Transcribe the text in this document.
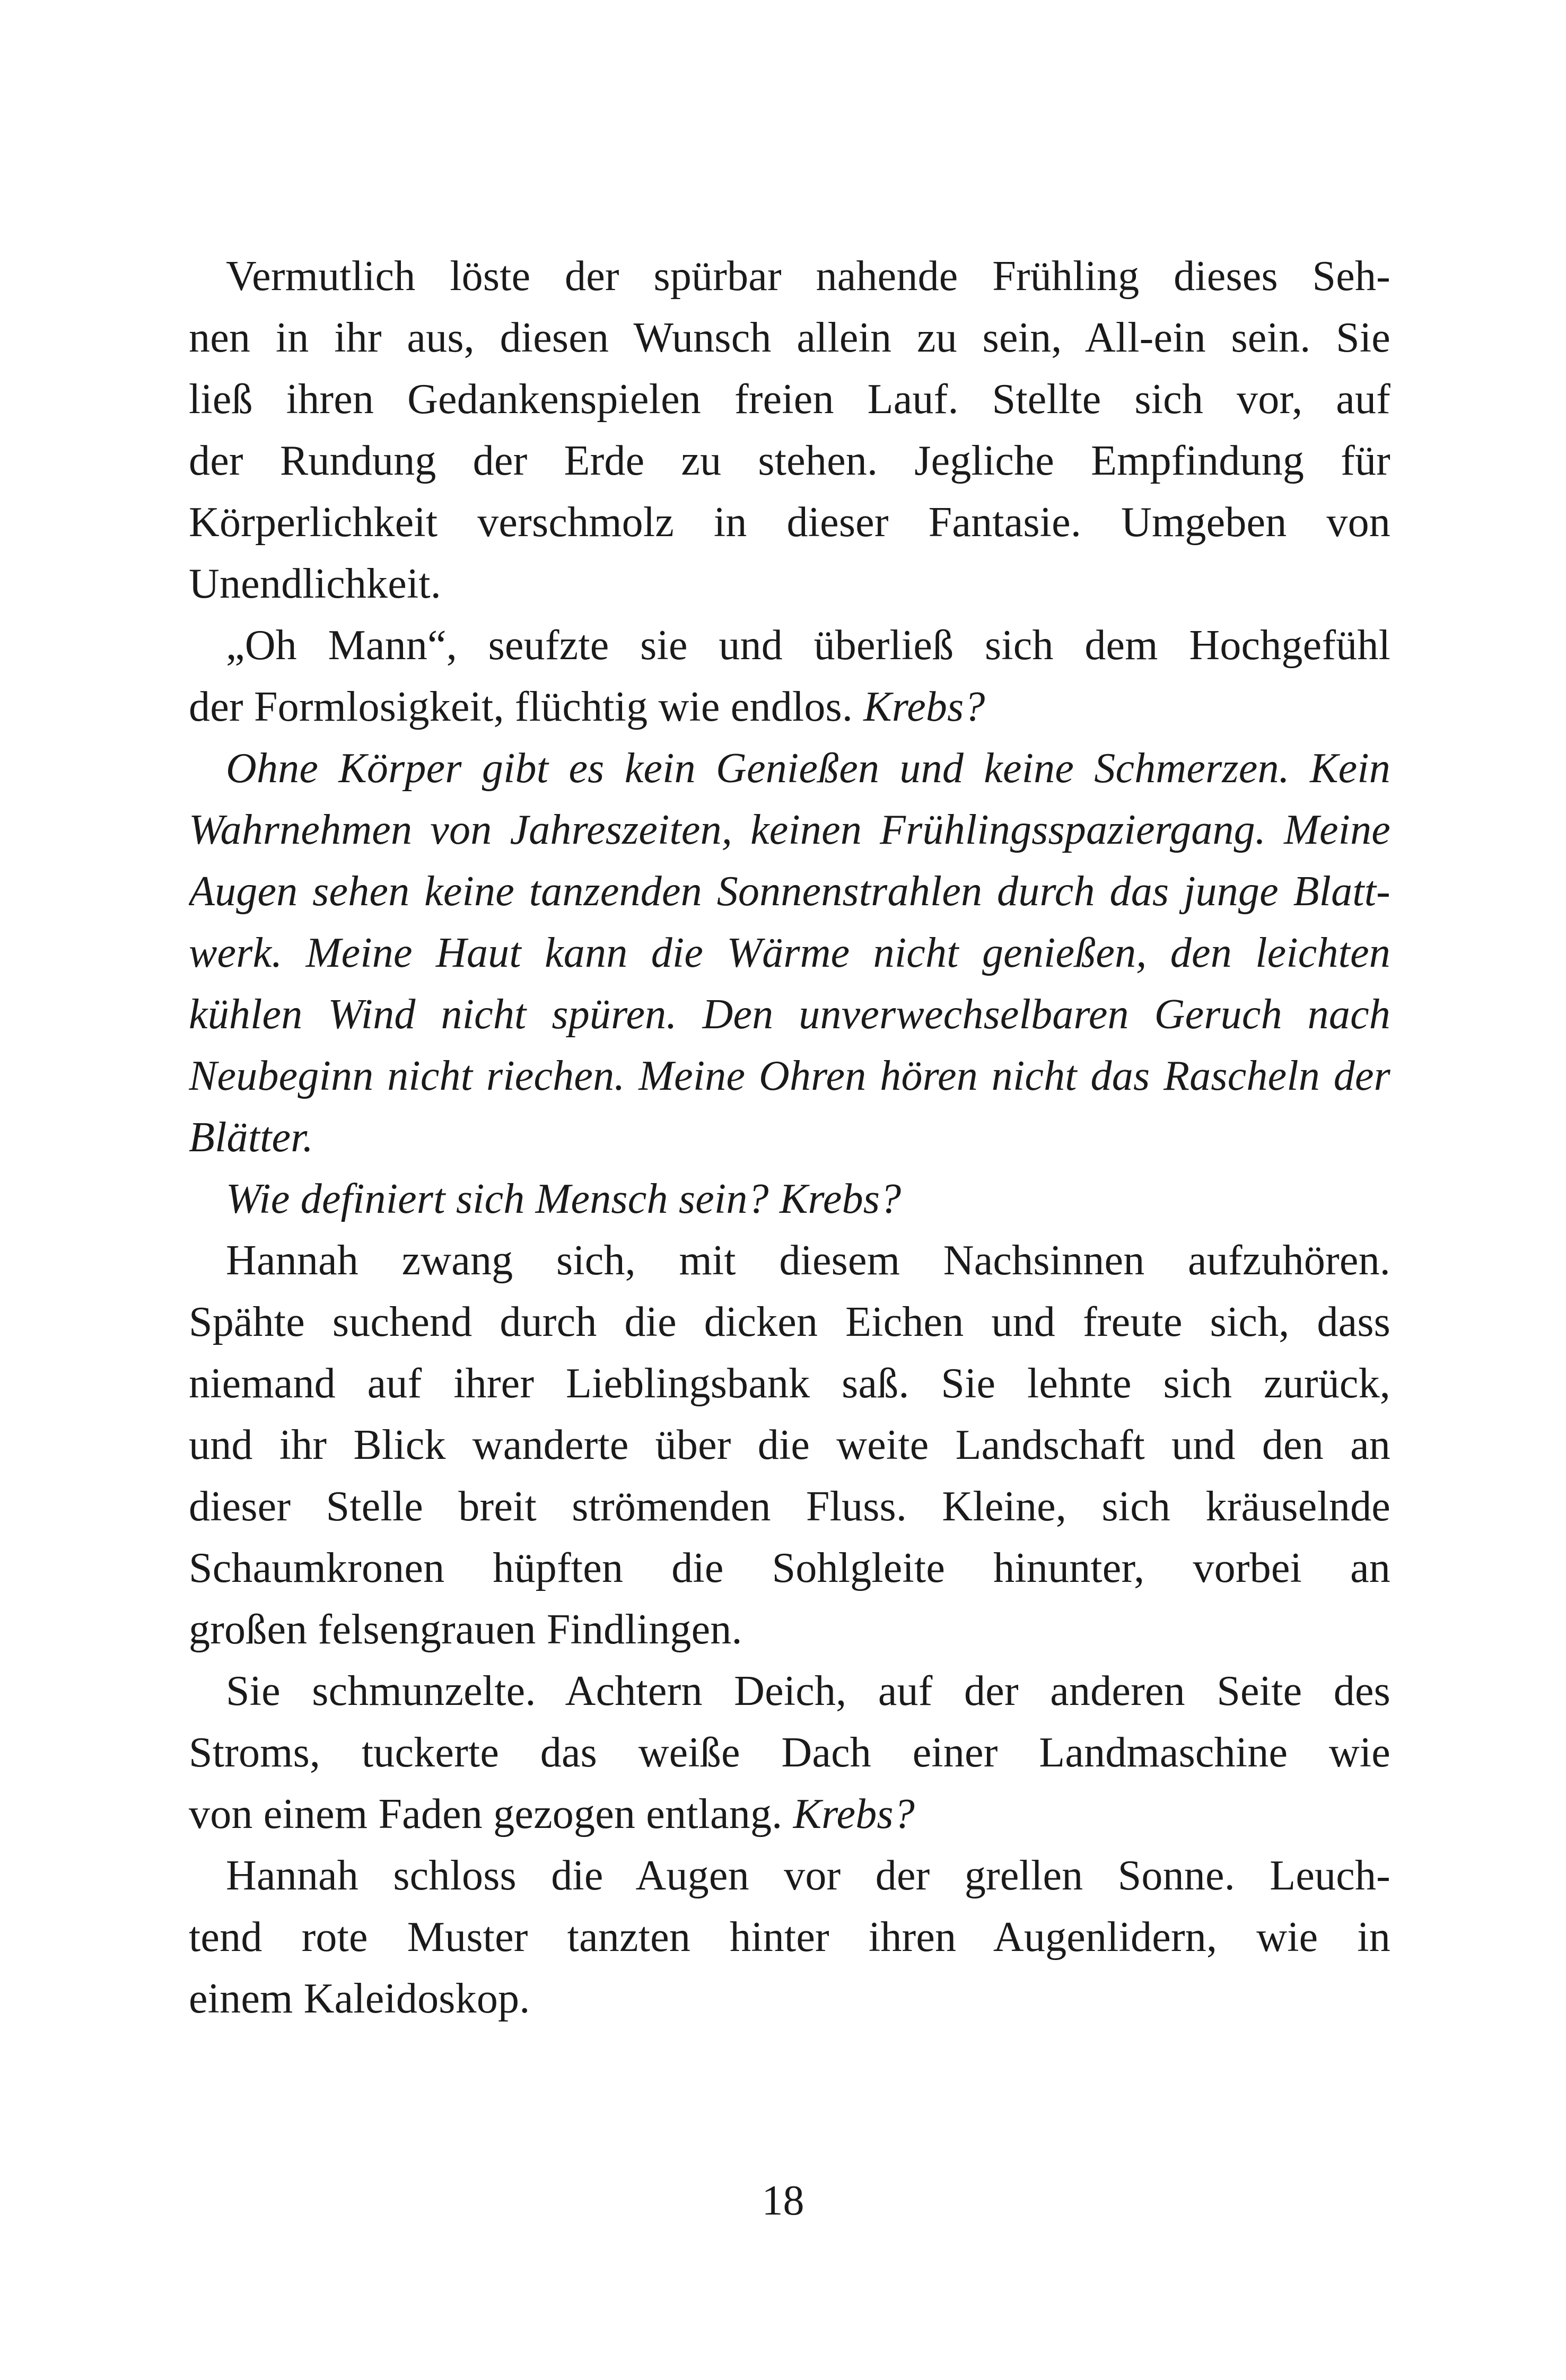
Vermutlich löste der spürbar nahende Frühling dieses Seh-
nen in ihr aus, diesen Wunsch allein zu sein, All-ein sein. Sie
ließ ihren Gedankenspielen freien Lauf. Stellte sich vor, auf
der Rundung der Erde zu stehen. Jegliche Empfindung für
Körperlichkeit verschmolz in dieser Fantasie. Umgeben von
Unendlichkeit.
„Oh Mann“, seufzte sie und überließ sich dem Hochgefühl
der Formlosigkeit, flüchtig wie endlos. Krebs?
Ohne Körper gibt es kein Genießen und keine Schmerzen. Kein
Wahrnehmen von Jahreszeiten, keinen Frühlingsspaziergang. Meine
Augen sehen keine tanzenden Sonnenstrahlen durch das junge Blatt-
werk. Meine Haut kann die Wärme nicht genießen, den leichten
kühlen Wind nicht spüren. Den unverwechselbaren Geruch nach
Neubeginn nicht riechen. Meine Ohren hören nicht das Rascheln der
Blätter.
Wie definiert sich Mensch sein? Krebs?
Hannah zwang sich, mit diesem Nachsinnen aufzuhören.
Spähte suchend durch die dicken Eichen und freute sich, dass
niemand auf ihrer Lieblingsbank saß. Sie lehnte sich zurück,
und ihr Blick wanderte über die weite Landschaft und den an
dieser Stelle breit strömenden Fluss. Kleine, sich kräuselnde
Schaumkronen hüpften die Sohlgleite hinunter, vorbei an
großen felsengrauen Findlingen.
Sie schmunzelte. Achtern Deich, auf der anderen Seite des
Stroms, tuckerte das weiße Dach einer Landmaschine wie
von einem Faden gezogen entlang. Krebs?
Hannah schloss die Augen vor der grellen Sonne. Leuch-
tend rote Muster tanzten hinter ihren Augenlidern, wie in
einem Kaleidoskop.
18
